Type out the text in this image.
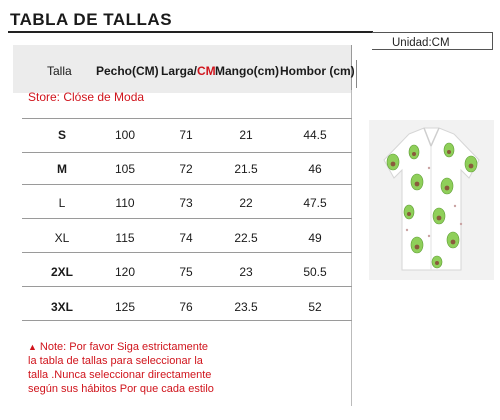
TABLA DE TALLAS
Unidad:CM
Talla Pecho(CM) Larga/CM Mango(cm) Hombor (cm)
Store: Clóse de Moda
S	100	71	21	44.5
M	105	72	21.5	46
L	110	73	22	47.5
XL	115	74	22.5	49
2XL	120	75	23	50.5
3XL	125	76	23.5	52
▲ Note: Por favor Siga estrictamente
la tabla de tallas para seleccionar la
talla .Nunca seleccionar directamente
según sus hábitos Por que cada estilo
